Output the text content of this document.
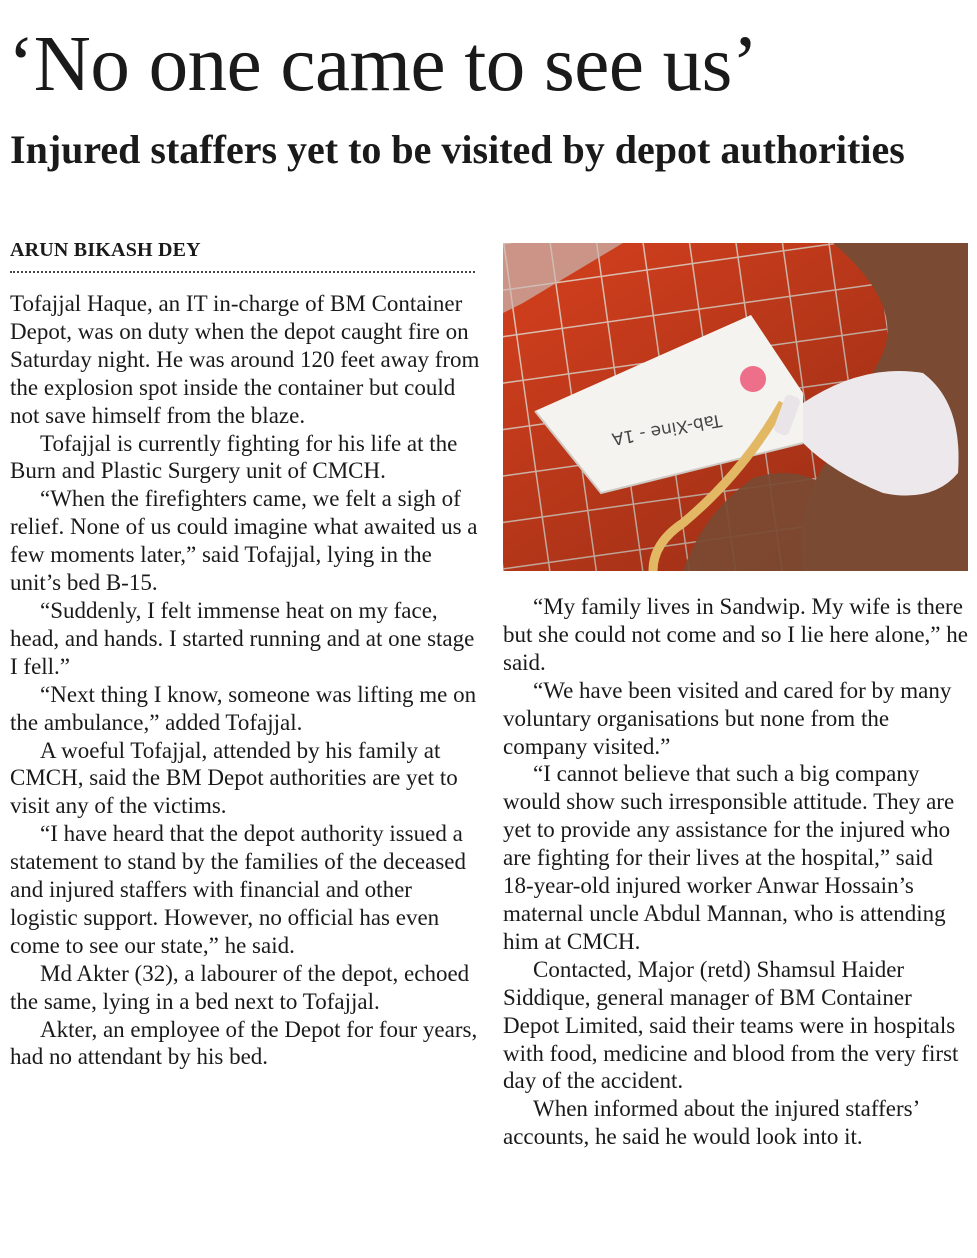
‘No one came to see us’
Injured staffers yet to be visited by depot authorities
ARUN BIKASH DEY

Tofajjal Haque, an IT in-charge of BM Container Depot, was on duty when the depot caught fire on Saturday night. He was around 120 feet away from the explosion spot inside the container but could not save himself from the blaze.

Tofajjal is currently fighting for his life at the Burn and Plastic Surgery unit of CMCH.

“When the firefighters came, we felt a sigh of relief. None of us could imagine what awaited us a few moments later,” said Tofajjal, lying in the unit’s bed B-15.

“Suddenly, I felt immense heat on my face, head, and hands. I started running and at one stage I fell.”

“Next thing I know, someone was lifting me on the ambulance,” added Tofajjal.

A woeful Tofajjal, attended by his family at CMCH, said the BM Depot authorities are yet to visit any of the victims.

“I have heard that the depot authority issued a statement to stand by the families of the deceased and injured staffers with financial and other logistic support. However, no official has even come to see our state,” he said.

Md Akter (32), a labourer of the depot, echoed the same, lying in a bed next to Tofajjal.

Akter, an employee of the Depot for four years, had no attendant by his bed.

Tab-Xine - 1A

“My family lives in Sandwip. My wife is there but she could not come and so I lie here alone,” he said.

“We have been visited and cared for by many voluntary organisations but none from the company visited.”

“I cannot believe that such a big company would show such irresponsible attitude. They are yet to provide any assistance for the injured who are fighting for their lives at the hospital,” said 18-year-old injured worker Anwar Hossain’s maternal uncle Abdul Mannan, who is attending him at CMCH.

Contacted, Major (retd) Shamsul Haider Siddique, general manager of BM Container Depot Limited, said their teams were in hospitals with food, medicine and blood from the very first day of the accident.

When informed about the injured staffers’ accounts, he said he would look into it.
